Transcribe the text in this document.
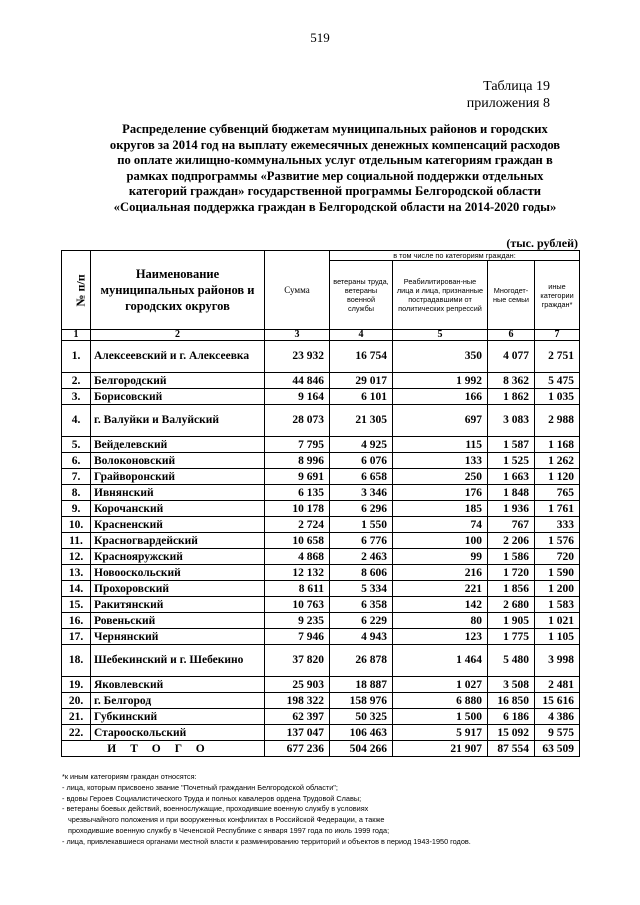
519
Таблица 19
приложения 8
Распределение субвенций бюджетам муниципальных районов и городских
округов за 2014 год на выплату ежемесячных денежных компенсаций расходов
по оплате жилищно-коммунальных услуг отдельным категориям граждан в
рамках подпрограммы «Развитие мер социальной поддержки отдельных
категорий граждан» государственной программы Белгородской области
«Социальная поддержка граждан в Белгородской области на 2014-2020 годы»
(тыс. рублей)
№ п/п	Наименование муниципальных районов и городских округов	Сумма	в том числе по категориям граждан:			
			ветераны труда, ветераны военной службы	Реабилитирован-ные лица и лица, признанные пострадавшими от политических репрессий	Многодет-ные семьи	иные категории граждан*
1	2	3	4	5	6	7
1.	Алексеевский и г. Алексеевка	23 932	16 754	350	4 077	2 751
2.	Белгородский	44 846	29 017	1 992	8 362	5 475
3.	Борисовский	9 164	6 101	166	1 862	1 035
4.	г. Валуйки и Валуйский	28 073	21 305	697	3 083	2 988
5.	Вейделевский	7 795	4 925	115	1 587	1 168
6.	Волоконовский	8 996	6 076	133	1 525	1 262
7.	Грайворонский	9 691	6 658	250	1 663	1 120
8.	Ивнянский	6 135	3 346	176	1 848	765
9.	Корочанский	10 178	6 296	185	1 936	1 761
10.	Красненский	2 724	1 550	74	767	333
11.	Красногвардейский	10 658	6 776	100	2 206	1 576
12.	Краснояружский	4 868	2 463	99	1 586	720
13.	Новооскольский	12 132	8 606	216	1 720	1 590
14.	Прохоровский	8 611	5 334	221	1 856	1 200
15.	Ракитянский	10 763	6 358	142	2 680	1 583
16.	Ровеньский	9 235	6 229	80	1 905	1 021
17.	Чернянский	7 946	4 943	123	1 775	1 105
18.	Шебекинский и г. Шебекино	37 820	26 878	1 464	5 480	3 998
19.	Яковлевский	25 903	18 887	1 027	3 508	2 481
20.	г. Белгород	198 322	158 976	6 880	16 850	15 616
21.	Губкинский	62 397	50 325	1 500	6 186	4 386
22.	Старооскольский	137 047	106 463	5 917	15 092	9 575
ИТОГО		677 236	504 266	21 907	87 554	63 509
*к иным категориям граждан относятся:
- лица, которым присвоено звание "Почетный гражданин Белгородской области";
- вдовы Героев Социалистического Труда и полных кавалеров ордена Трудовой Славы;
- ветераны боевых действий, военнослужащие, проходившие военную службу в условиях
чрезвычайного положения и при вооруженных конфликтах в Российской Федерации, а также
проходившие военную службу в Чеченской Республике с января 1997 года по июль 1999 года;
- лица, привлекавшиеся органами местной власти к разминированию территорий и объектов в период 1943-1950 годов.
